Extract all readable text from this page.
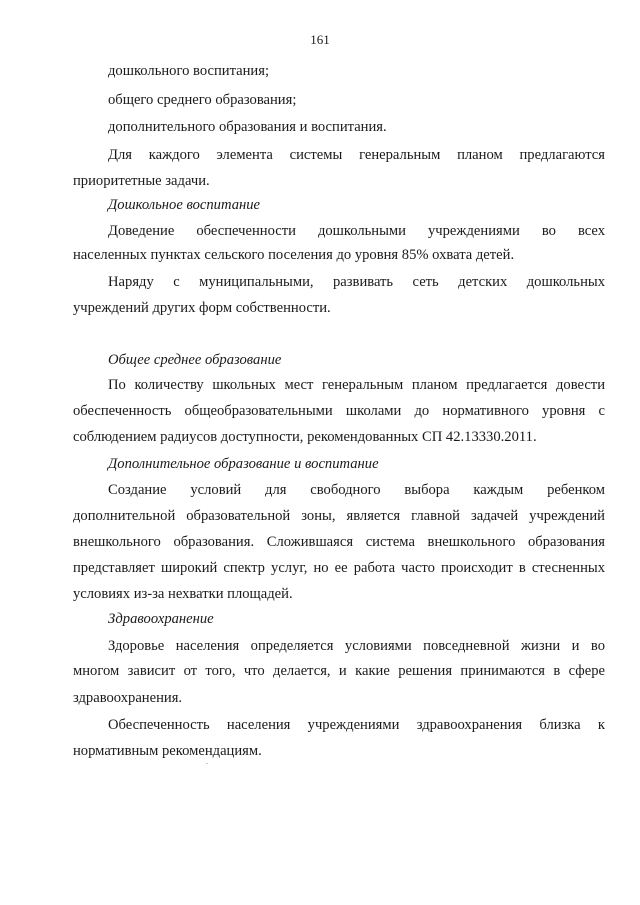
161
дошкольного воспитания;
общего среднего образования;
дополнительного образования и воспитания.
Для каждого элемента системы генеральным планом предлагаются
приоритетные задачи.
Дошкольное воспитание
Доведение обеспеченности дошкольными учреждениями во всех
населенных пунктах сельского поселения до уровня 85% охвата детей.
Наряду с муниципальными, развивать сеть детских дошкольных
учреждений других форм собственности.
Общее среднее образование
По количеству школьных мест генеральным планом предлагается довести
обеспеченность общеобразовательными школами до нормативного уровня с
соблюдением радиусов доступности, рекомендованных СП 42.13330.2011.
Дополнительное образование и воспитание
Создание условий для свободного выбора каждым ребенком
дополнительной образовательной зоны, является главной задачей учреждений
внешкольного образования. Сложившаяся система внешкольного образования
представляет широкий спектр услуг, но ее работа часто происходит в стесненных
условиях из-за нехватки площадей.
Здравоохранение
Здоровье населения определяется условиями повседневной жизни и во
многом зависит от того, что делается, и какие решения принимаются в сфере
здравоохранения.
Обеспеченность населения учреждениями здравоохранения близка к
нормативным рекомендациям.
